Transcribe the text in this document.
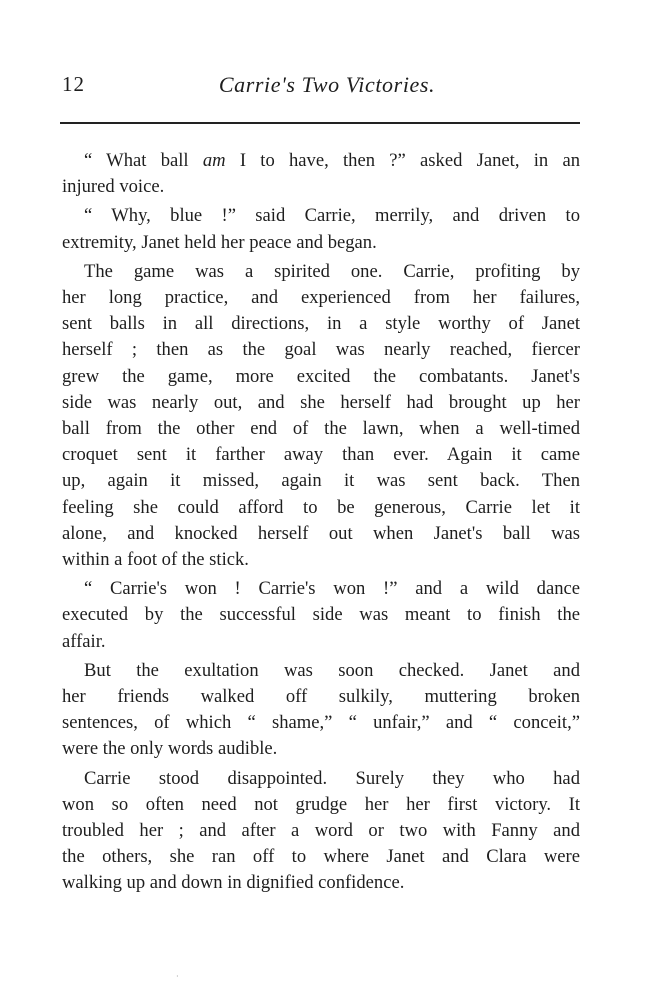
12	Carrie's Two Victories.

“ What ball am I to have, then ?” asked Janet, in an
injured voice.

“ Why, blue !” said Carrie, merrily, and driven to
extremity, Janet held her peace and began.

The game was a spirited one. Carrie, profiting by
her long practice, and experienced from her failures,
sent balls in all directions, in a style worthy of Janet
herself ; then as the goal was nearly reached, fiercer
grew the game, more excited the combatants. Janet's
side was nearly out, and she herself had brought up her
ball from the other end of the lawn, when a well-timed
croquet sent it farther away than ever. Again it came
up, again it missed, again it was sent back. Then
feeling she could afford to be generous, Carrie let it
alone, and knocked herself out when Janet's ball was
within a foot of the stick.

“ Carrie's won ! Carrie's won !” and a wild dance
executed by the successful side was meant to finish the
affair.

But the exultation was soon checked. Janet and
her friends walked off sulkily, muttering broken
sentences, of which “ shame,” “ unfair,” and “ conceit,”
were the only words audible.

Carrie stood disappointed. Surely they who had
won so often need not grudge her her first victory. It
troubled her ; and after a word or two with Fanny and
the others, she ran off to where Janet and Clara were
walking up and down in dignified confidence.

·
